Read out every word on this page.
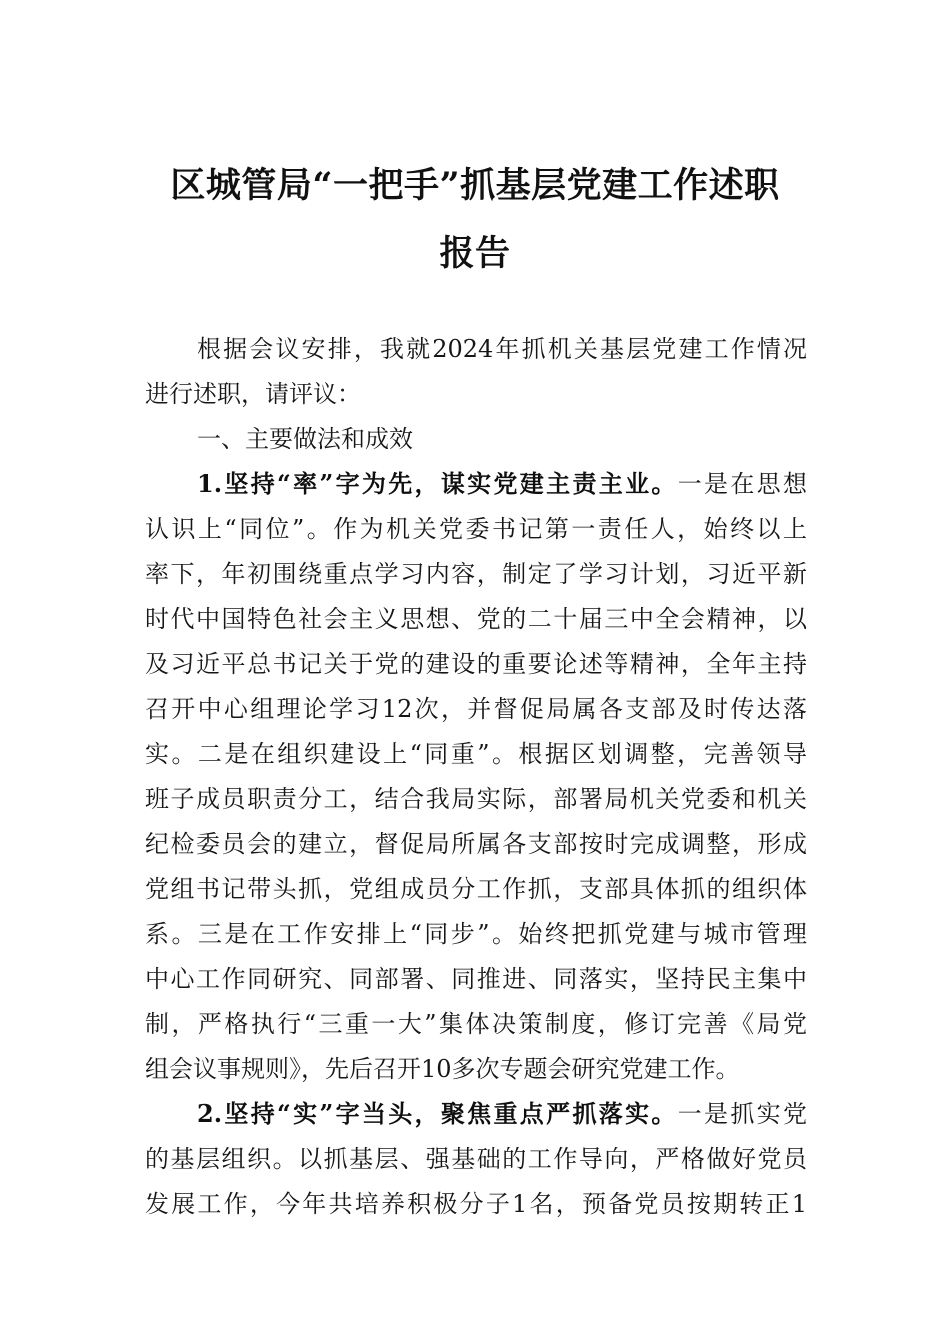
区城管局“一把手”抓基层党建工作述职
报告
根据会议安排，我就2024年抓机关基层党建工作情况
进行述职，请评议：
一、主要做法和成效
1.坚持“率”字为先，谋实党建主责主业。一是在思想
认识上“同位”。作为机关党委书记第一责任人，始终以上
率下，年初围绕重点学习内容，制定了学习计划，习近平新
时代中国特色社会主义思想、党的二十届三中全会精神，以
及习近平总书记关于党的建设的重要论述等精神，全年主持
召开中心组理论学习12次，并督促局属各支部及时传达落
实。二是在组织建设上“同重”。根据区划调整，完善领导
班子成员职责分工，结合我局实际，部署局机关党委和机关
纪检委员会的建立，督促局所属各支部按时完成调整，形成
党组书记带头抓，党组成员分工作抓，支部具体抓的组织体
系。三是在工作安排上“同步”。始终把抓党建与城市管理
中心工作同研究、同部署、同推进、同落实，坚持民主集中
制，严格执行“三重一大”集体决策制度，修订完善《局党
组会议事规则》，先后召开10多次专题会研究党建工作。
2.坚持“实”字当头，聚焦重点严抓落实。一是抓实党
的基层组织。以抓基层、强基础的工作导向，严格做好党员
发展工作，今年共培养积极分子1名，预备党员按期转正1
